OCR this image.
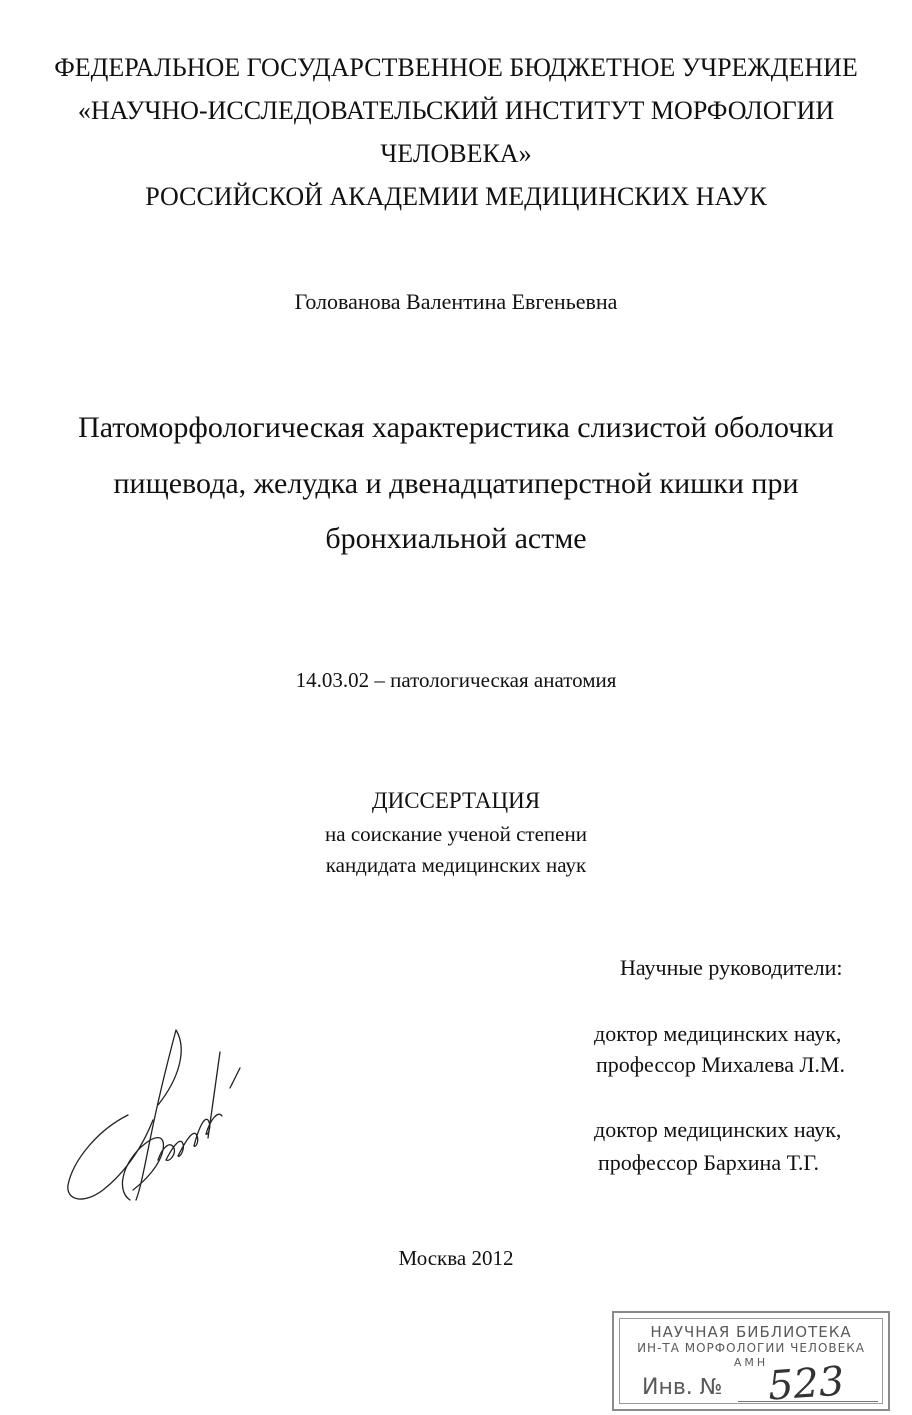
ФЕДЕРАЛЬНОЕ ГОСУДАРСТВЕННОЕ БЮДЖЕТНОЕ УЧРЕЖДЕНИЕ
«НАУЧНО-ИССЛЕДОВАТЕЛЬСКИЙ ИНСТИТУТ МОРФОЛОГИИ
ЧЕЛОВЕКА»
РОССИЙСКОЙ АКАДЕМИИ МЕДИЦИНСКИХ НАУК
Голованова Валентина Евгеньевна
Патоморфологическая характеристика слизистой оболочки
пищевода, желудка и двенадцатиперстной кишки при
бронхиальной астме
14.03.02 – патологическая анатомия
ДИССЕРТАЦИЯ
на соискание ученой степени
кандидата медицинских наук
Научные руководители:
доктор медицинских наук,
профессор Михалева Л.М.
доктор медицинских наук,
профессор Бархина Т.Г.
Москва 2012
НАУЧНАЯ БИБЛИОТЕКА
ИН-ТА МОРФОЛОГИИ ЧЕЛОВЕКА
АМН
Инв. № 523
